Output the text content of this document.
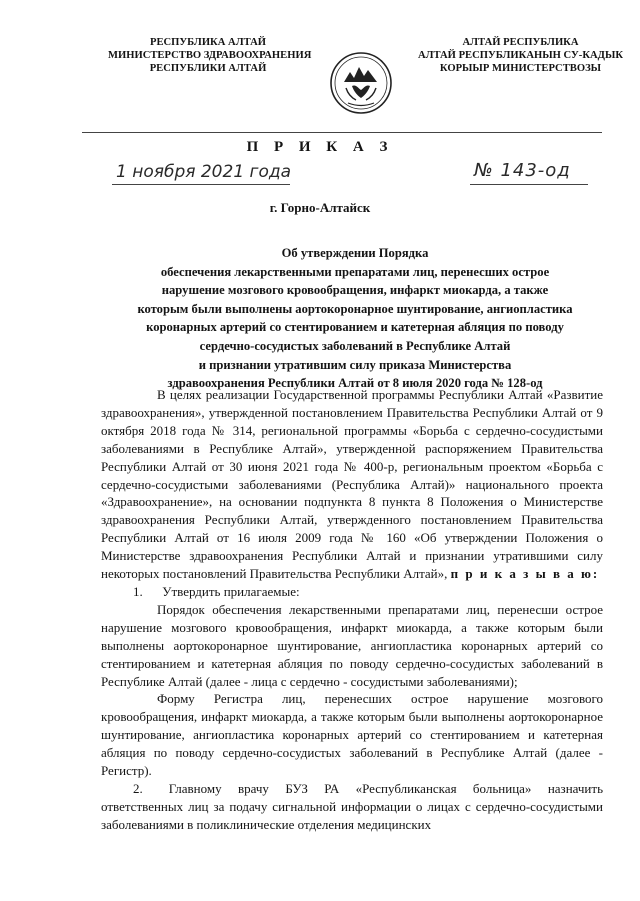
РЕСПУБЛИКА АЛТАЙ
МИНИСТЕРСТВО ЗДРАВООХРАНЕНИЯ
РЕСПУБЛИКИ АЛТАЙ
АЛТАЙ РЕСПУБЛИКА
АЛТАЙ РЕСПУБЛИКАНЫН СУ-КАДЫК
КОРЫЫР МИНИСТЕРСТВОЗЫ
П Р И К А З
1 ноября 2021 года	№ 143-од
г. Горно-Алтайск
Об утверждении Порядка
обеспечения лекарственными препаратами лиц, перенесших острое
нарушение мозгового кровообращения, инфаркт миокарда, а также
которым были выполнены аортокоронарное шунтирование, ангиопластика
коронарных артерий со стентированием и катетерная абляция по поводу
сердечно-сосудистых заболеваний в Республике Алтай
и признании утратившим силу приказа Министерства
здравоохранения Республики Алтай от 8 июля 2020 года № 128-од

В целях реализации Государственной программы Республики Алтай «Развитие здравоохранения», утвержденной постановлением Правительства Республики Алтай от 9 октября 2018 года № 314, региональной программы «Борьба с сердечно-сосудистыми заболеваниями в Республике Алтай», утвержденной распоряжением Правительства Республики Алтай от 30 июня 2021 года № 400-р, региональным проектом «Борьба с сердечно-сосудистыми заболеваниями (Республика Алтай)» национального проекта «Здравоохранение», на основании подпункта 8 пункта 8 Положения о Министерстве здравоохранения Республики Алтай, утвержденного постановлением Правительства Республики Алтай от 16 июля 2009 года № 160 «Об утверждении Положения о Министерстве здравоохранения Республики Алтай и признании утратившими силу некоторых постановлений Правительства Республики Алтай», п р и к а з ы в а ю:

1.  Утвердить прилагаемые:

Порядок обеспечения лекарственными препаратами лиц, перенесши острое нарушение мозгового кровообращения, инфаркт миокарда, а также которым были выполнены аортокоронарное шунтирование, ангиопластика коронарных артерий со стентированием и катетерная абляция по поводу сердечно-сосудистых заболеваний в Республике Алтай (далее - лица с сердечно - сосудистыми заболеваниями);

Форму Регистра лиц, перенесших острое нарушение мозгового кровообращения, инфаркт миокарда, а также которым были выполнены аортокоронарное шунтирование, ангиопластика коронарных артерий со стентированием и катетерная абляция по поводу сердечно-сосудистых заболеваний в Республике Алтай (далее - Регистр).

2.  Главному врачу БУЗ РА «Республиканская больница» назначить ответственных лиц за подачу сигнальной информации о лицах с сердечно-сосудистыми заболеваниями в поликлинические отделения медицинских
